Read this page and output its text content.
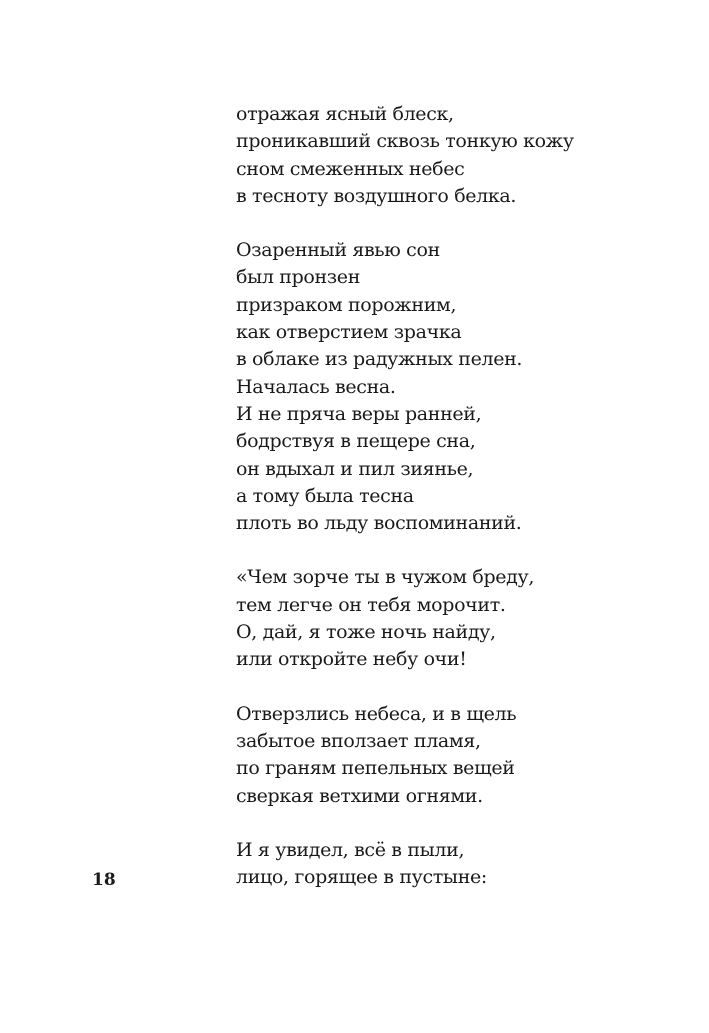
отражая ясный блеск,
проникавший сквозь тонкую кожу
сном смеженных небес
в тесноту воздушного белка.
Озаренный явью сон
был пронзен
призраком порожним,
как отверстием зрачка
в облаке из радужных пелен.
Началась весна.
И не пряча веры ранней,
бодрствуя в пещере сна,
он вдыхал и пил зиянье,
а тому была тесна
плоть во льду воспоминаний.
«Чем зорче ты в чужом бреду,
тем легче он тебя морочит.
О, дай, я тоже ночь найду,
или откройте небу очи!
Отверзлись небеса, и в щель
забытое вползает пламя,
по граням пепельных вещей
сверкая ветхими огнями.
И я увидел, всё в пыли,
лицо, горящее в пустыне:
18
